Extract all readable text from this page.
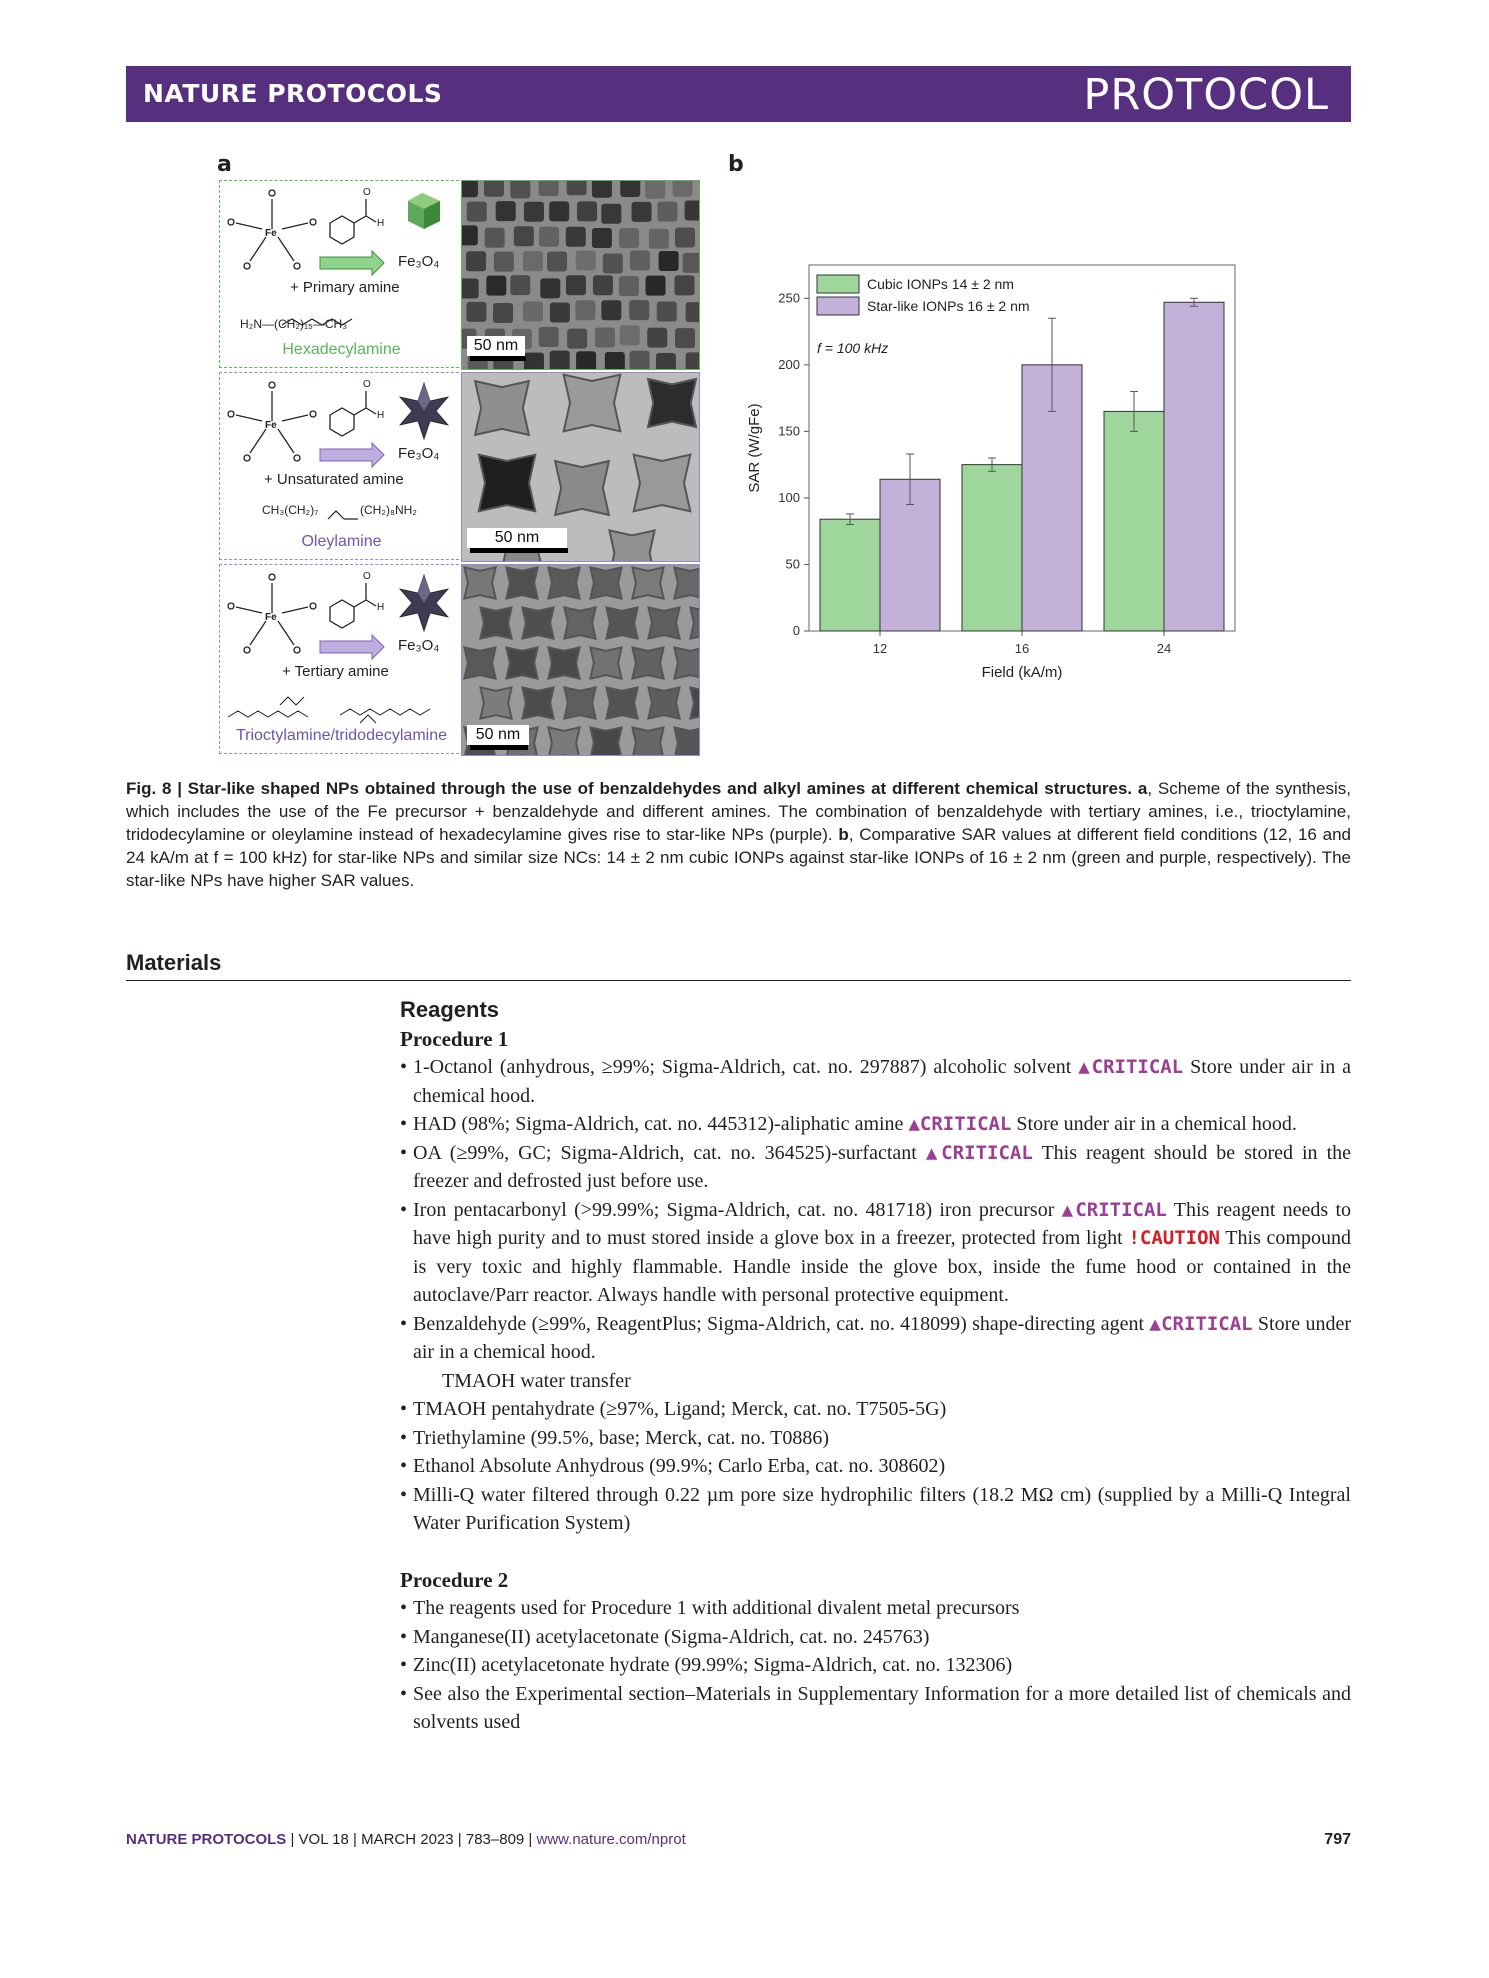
NATURE PROTOCOLS	PROTOCOL
a	b
Fe
O
H
Fe₃O₄
+ Primary amine
H₂N—(CH₂)₁₅—CH₃
Hexadecylamine	50 nm
Fe
O
H
Fe₃O₄
+ Unsaturated amine
CH₃(CH₂)₇	(CH₂)₈NH₂
Oleylamine	50 nm
Fe
O
H
Fe₃O₄
+ Tertiary amine
Trioctylamine/tridodecylamine	50 nm
0
50
100
150
200
250
12	16	24
Field (kA/m)
SAR (W/gFe)
Cubic IONPs 14 ± 2 nm
Star-like IONPs 16 ± 2 nm
f = 100 kHz
Fig. 8 | Star-like shaped NPs obtained through the use of benzaldehydes and alkyl amines at different chemical structures. a, Scheme of the synthesis, which includes the use of the Fe precursor + benzaldehyde and different amines. The combination of benzaldehyde with tertiary amines, i.e., trioctylamine, tridodecylamine or oleylamine instead of hexadecylamine gives rise to star-like NPs (purple). b, Comparative SAR values at different field conditions (12, 16 and 24 kA/m at f = 100 kHz) for star-like NPs and similar size NCs: 14 ± 2 nm cubic IONPs against star-like IONPs of 16 ± 2 nm (green and purple, respectively). The star-like NPs have higher SAR values.
Materials
Reagents
Procedure 1
• 1-Octanol (anhydrous, ≥99%; Sigma-Aldrich, cat. no. 297887) alcoholic solvent ▲CRITICAL Store under air in a chemical hood.
• HAD (98%; Sigma-Aldrich, cat. no. 445312)-aliphatic amine ▲CRITICAL Store under air in a chemical hood.
• OA (≥99%, GC; Sigma-Aldrich, cat. no. 364525)-surfactant ▲CRITICAL This reagent should be stored in the freezer and defrosted just before use.
• Iron pentacarbonyl (>99.99%; Sigma-Aldrich, cat. no. 481718) iron precursor ▲CRITICAL This reagent needs to have high purity and to must stored inside a glove box in a freezer, protected from light !CAUTION This compound is very toxic and highly flammable. Handle inside the glove box, inside the fume hood or contained in the autoclave/Parr reactor. Always handle with personal protective equipment.
• Benzaldehyde (≥99%, ReagentPlus; Sigma-Aldrich, cat. no. 418099) shape-directing agent ▲CRITICAL Store under air in a chemical hood.
TMAOH water transfer
• TMAOH pentahydrate (≥97%, Ligand; Merck, cat. no. T7505-5G)
• Triethylamine (99.5%, base; Merck, cat. no. T0886)
• Ethanol Absolute Anhydrous (99.9%; Carlo Erba, cat. no. 308602)
• Milli-Q water filtered through 0.22 µm pore size hydrophilic filters (18.2 MΩ cm) (supplied by a Milli-Q Integral Water Purification System)
Procedure 2
• The reagents used for Procedure 1 with additional divalent metal precursors
• Manganese(II) acetylacetonate (Sigma-Aldrich, cat. no. 245763)
• Zinc(II) acetylacetonate hydrate (99.99%; Sigma-Aldrich, cat. no. 132306)
• See also the Experimental section–Materials in Supplementary Information for a more detailed list of chemicals and solvents used
NATURE PROTOCOLS | VOL 18 | MARCH 2023 | 783–809 | www.nature.com/nprot	797
